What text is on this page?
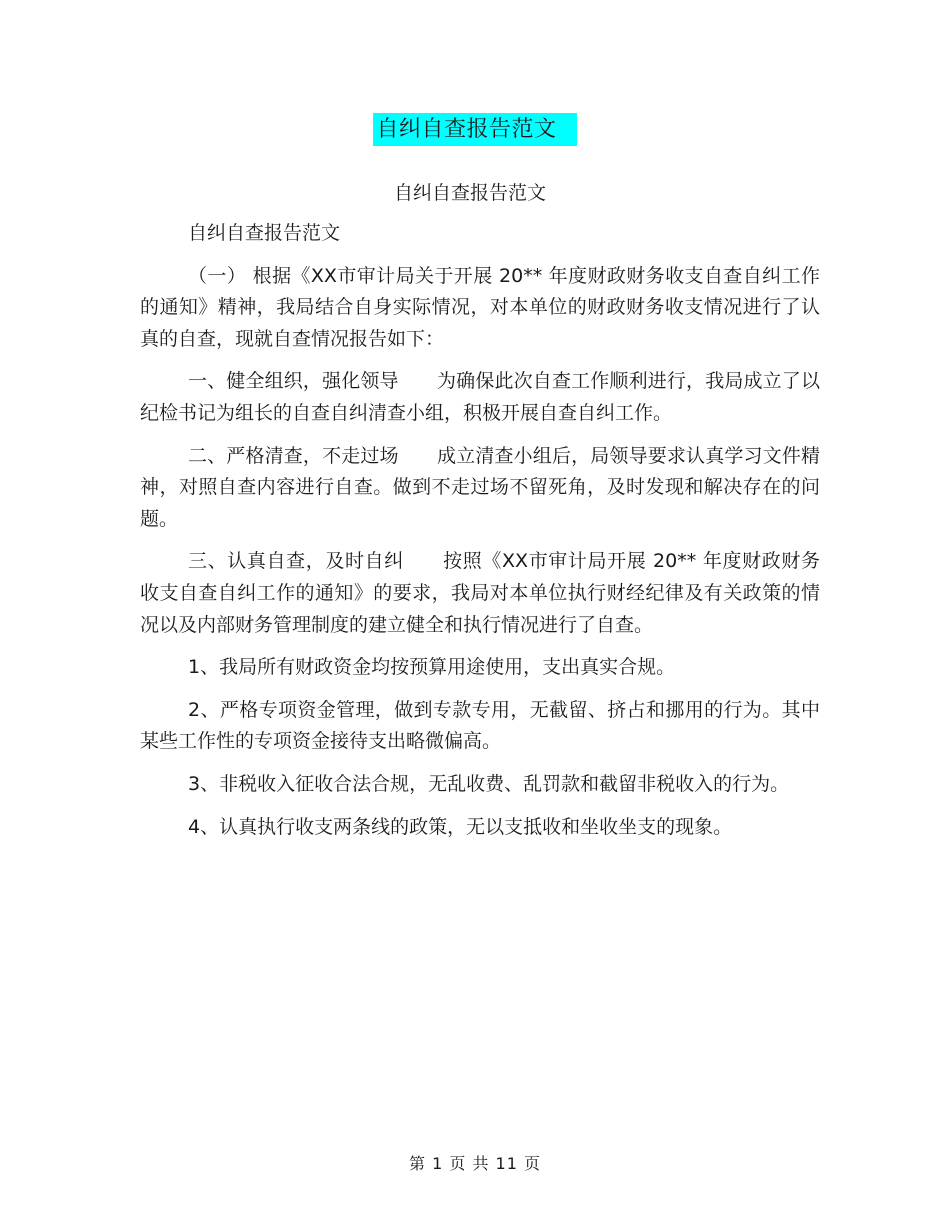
自纠自查报告范文
自纠自查报告范文

自纠自查报告范文

（一） 根据《XX市审计局关于开展 20** 年度财政财务收支自查自纠工作的通知》精神，我局结合自身实际情况，对本单位的财政财务收支情况进行了认真的自查，现就自查情况报告如下：

一、健全组织，强化领导　　为确保此次自查工作顺利进行，我局成立了以纪检书记为组长的自查自纠清查小组，积极开展自查自纠工作。

二、严格清查，不走过场　　成立清查小组后，局领导要求认真学习文件精神，对照自查内容进行自查。做到不走过场不留死角，及时发现和解决存在的问题。

三、认真自查，及时自纠　　按照《XX市审计局开展 20** 年度财政财务收支自查自纠工作的通知》的要求，我局对本单位执行财经纪律及有关政策的情况以及内部财务管理制度的建立健全和执行情况进行了自查。

1、我局所有财政资金均按预算用途使用，支出真实合规。

2、严格专项资金管理，做到专款专用，无截留、挤占和挪用的行为。其中某些工作性的专项资金接待支出略微偏高。

3、非税收入征收合法合规，无乱收费、乱罚款和截留非税收入的行为。

4、认真执行收支两条线的政策，无以支抵收和坐收坐支的现象。

第 1 页 共 11 页
